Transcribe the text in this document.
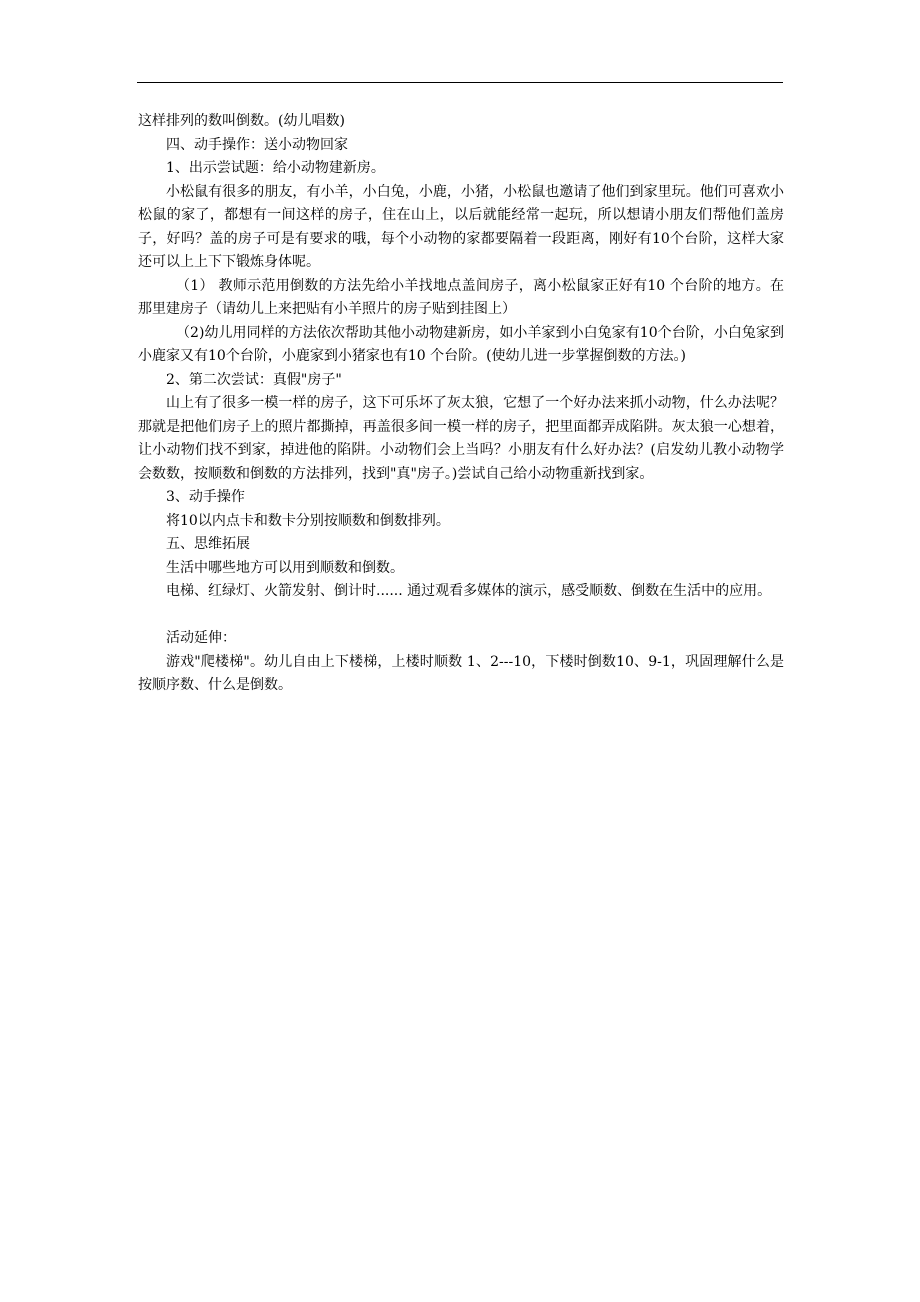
这样排列的数叫倒数。(幼儿唱数)

四、动手操作：送小动物回家

1、出示尝试题：给小动物建新房。

小松鼠有很多的朋友，有小羊，小白兔，小鹿，小猪，小松鼠也邀请了他们到家里玩。他们可喜欢小松鼠的家了，都想有一间这样的房子，住在山上，以后就能经常一起玩，所以想请小朋友们帮他们盖房子，好吗？盖的房子可是有要求的哦，每个小动物的家都要隔着一段距离，刚好有10个台阶，这样大家还可以上上下下锻炼身体呢。

（1） 教师示范用倒数的方法先给小羊找地点盖间房子，离小松鼠家正好有10 个台阶的地方。在那里建房子（请幼儿上来把贴有小羊照片的房子贴到挂图上）

（2)幼儿用同样的方法依次帮助其他小动物建新房，如小羊家到小白兔家有10个台阶，小白兔家到小鹿家又有10个台阶，小鹿家到小猪家也有10 个台阶。(使幼儿进一步掌握倒数的方法。)

2、第二次尝试：真假"房子"

山上有了很多一模一样的房子，这下可乐坏了灰太狼，它想了一个好办法来抓小动物，什么办法呢？那就是把他们房子上的照片都撕掉，再盖很多间一模一样的房子，把里面都弄成陷阱。灰太狼一心想着，让小动物们找不到家，掉进他的陷阱。小动物们会上当吗？小朋友有什么好办法？(启发幼儿教小动物学会数数，按顺数和倒数的方法排列，找到"真"房子。)尝试自己给小动物重新找到家。

3、动手操作

将10以内点卡和数卡分别按顺数和倒数排列。

五、思维拓展

生活中哪些地方可以用到顺数和倒数。

电梯、红绿灯、火箭发射、倒计时...... 通过观看多媒体的演示，感受顺数、倒数在生活中的应用。

活动延伸：

游戏"爬楼梯"。幼儿自由上下楼梯，上楼时顺数 1、2---10，下楼时倒数10、9-1，巩固理解什么是按顺序数、什么是倒数。
